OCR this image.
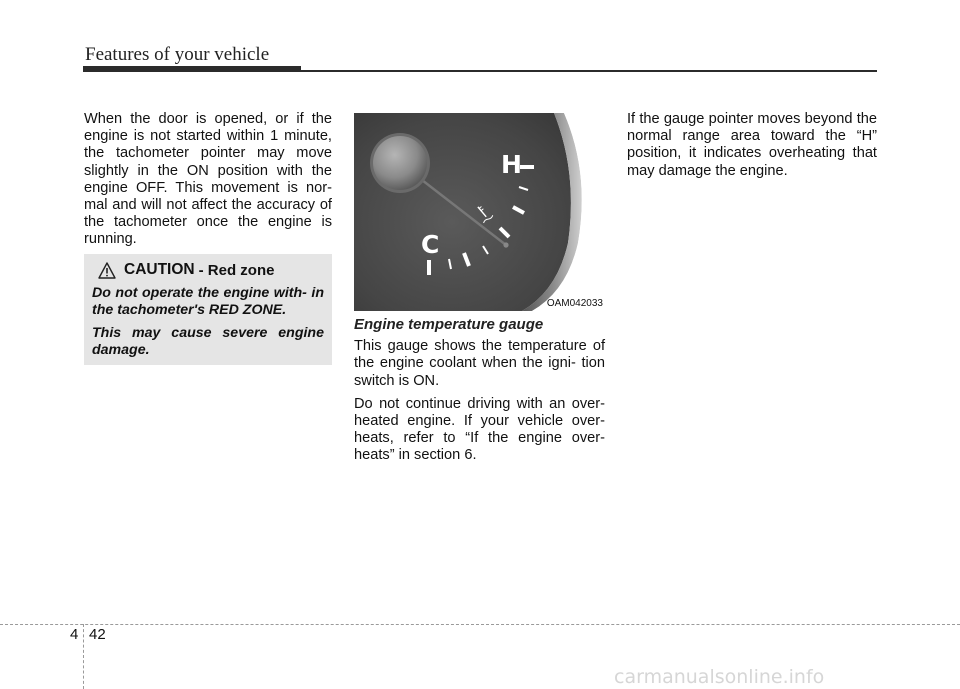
Features of your vehicle

When the door is opened, or if the engine is not started within 1 minute, the tachometer pointer may move slightly in the ON position with the engine OFF. This movement is nor- mal and will not affect the accuracy of the tachometer once the engine is running.

CAUTION - Red zone

Do not operate the engine with- in the tachometer's RED ZONE.

This may cause severe engine damage.

H
C
OAM042033
Engine temperature gauge

This gauge shows the temperature of the engine coolant when the igni- tion switch is ON.

Do not continue driving with an over- heated engine. If your vehicle over- heats, refer to “If the engine over- heats” in section 6.

If the gauge pointer moves beyond the normal range area toward the “H” position, it indicates overheating that may damage the engine.

4 42
carmanualsonline.info
